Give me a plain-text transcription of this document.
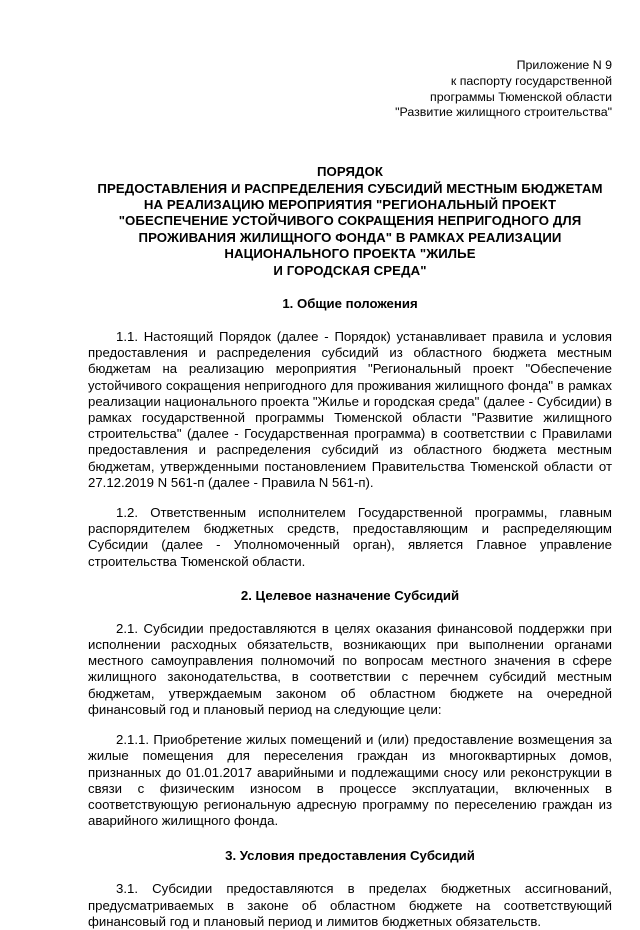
Приложение N 9
к паспорту государственной
программы Тюменской области
"Развитие жилищного строительства"
ПОРЯДОК
ПРЕДОСТАВЛЕНИЯ И РАСПРЕДЕЛЕНИЯ СУБСИДИЙ МЕСТНЫМ БЮДЖЕТАМ
НА РЕАЛИЗАЦИЮ МЕРОПРИЯТИЯ "РЕГИОНАЛЬНЫЙ ПРОЕКТ
"ОБЕСПЕЧЕНИЕ УСТОЙЧИВОГО СОКРАЩЕНИЯ НЕПРИГОДНОГО ДЛЯ
ПРОЖИВАНИЯ ЖИЛИЩНОГО ФОНДА" В РАМКАХ РЕАЛИЗАЦИИ
НАЦИОНАЛЬНОГО ПРОЕКТА "ЖИЛЬЕ
И ГОРОДСКАЯ СРЕДА"
1. Общие положения
1.1. Настоящий Порядок (далее - Порядок) устанавливает правила и условия предоставления и распределения субсидий из областного бюджета местным бюджетам на реализацию мероприятия "Региональный проект "Обеспечение устойчивого сокращения непригодного для проживания жилищного фонда" в рамках реализации национального проекта "Жилье и городская среда" (далее - Субсидии) в рамках государственной программы Тюменской области "Развитие жилищного строительства" (далее - Государственная программа) в соответствии с Правилами предоставления и распределения субсидий из областного бюджета местным бюджетам, утвержденными постановлением Правительства Тюменской области от 27.12.2019 N 561-п (далее - Правила N 561-п).
1.2. Ответственным исполнителем Государственной программы, главным распорядителем бюджетных средств, предоставляющим и распределяющим Субсидии (далее - Уполномоченный орган), является Главное управление строительства Тюменской области.
2. Целевое назначение Субсидий
2.1. Субсидии предоставляются в целях оказания финансовой поддержки при исполнении расходных обязательств, возникающих при выполнении органами местного самоуправления полномочий по вопросам местного значения в сфере жилищного законодательства, в соответствии с перечнем субсидий местным бюджетам, утверждаемым законом об областном бюджете на очередной финансовый год и плановый период на следующие цели:
2.1.1. Приобретение жилых помещений и (или) предоставление возмещения за жилые помещения для переселения граждан из многоквартирных домов, признанных до 01.01.2017 аварийными и подлежащими сносу или реконструкции в связи с физическим износом в процессе эксплуатации, включенных в соответствующую региональную адресную программу по переселению граждан из аварийного жилищного фонда.
3. Условия предоставления Субсидий
3.1. Субсидии предоставляются в пределах бюджетных ассигнований, предусматриваемых в законе об областном бюджете на соответствующий финансовый год и плановый период и лимитов бюджетных обязательств.
